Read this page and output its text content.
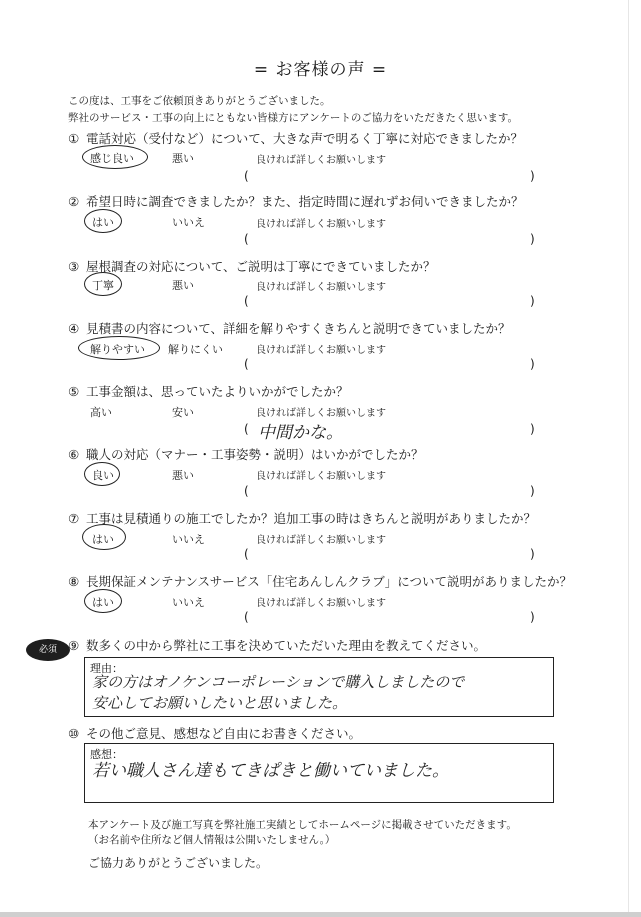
= お客様の声 =
この度は、工事をご依頼頂きありがとうございました。
弊社のサービス・工事の向上にともない皆様方にアンケートのご協力をいただきたく思います。
① 電話対応（受付など）について、大きな声で明るく丁寧に対応できましたか？
感じ良い	悪い	良ければ詳しくお願いします
(	)
② 希望日時に調査できましたか？また、指定時間に遅れずお伺いできましたか？
はい	いいえ	良ければ詳しくお願いします
(	)
③ 屋根調査の対応について、ご説明は丁寧にできていましたか？
丁寧	悪い	良ければ詳しくお願いします
(	)
④ 見積書の内容について、詳細を解りやすくきちんと説明できていましたか？
解りやすい 解りにくい	良ければ詳しくお願いします
(	)
⑤ 工事金額は、思っていたよりいかがでしたか？
高い	安い	良ければ詳しくお願いします
( 中間かな。	)
⑥ 職人の対応（マナー・工事姿勢・説明）はいかがでしたか？
良い	悪い	良ければ詳しくお願いします
(	)
⑦ 工事は見積通りの施工でしたか？追加工事の時はきちんと説明がありましたか？
はい	いいえ	良ければ詳しくお願いします
(	)
⑧ 長期保証メンテナンスサービス「住宅あんしんクラブ」について説明がありましたか？
はい	いいえ	良ければ詳しくお願いします
(	)
必須 ⑨ 数多くの中から弊社に工事を決めていただいた理由を教えてください。
理由：
家の方はオノケンコーポレーションで購入しましたので
安心してお願いしたいと思いました。
⑩ その他ご意見、感想など自由にお書きください。
感想：
若い職人さん達もてきぱきと働いていました。
本アンケート及び施工写真を弊社施工実績としてホームページに掲載させていただきます。
（お名前や住所など個人情報は公開いたしません。）
ご協力ありがとうございました。
